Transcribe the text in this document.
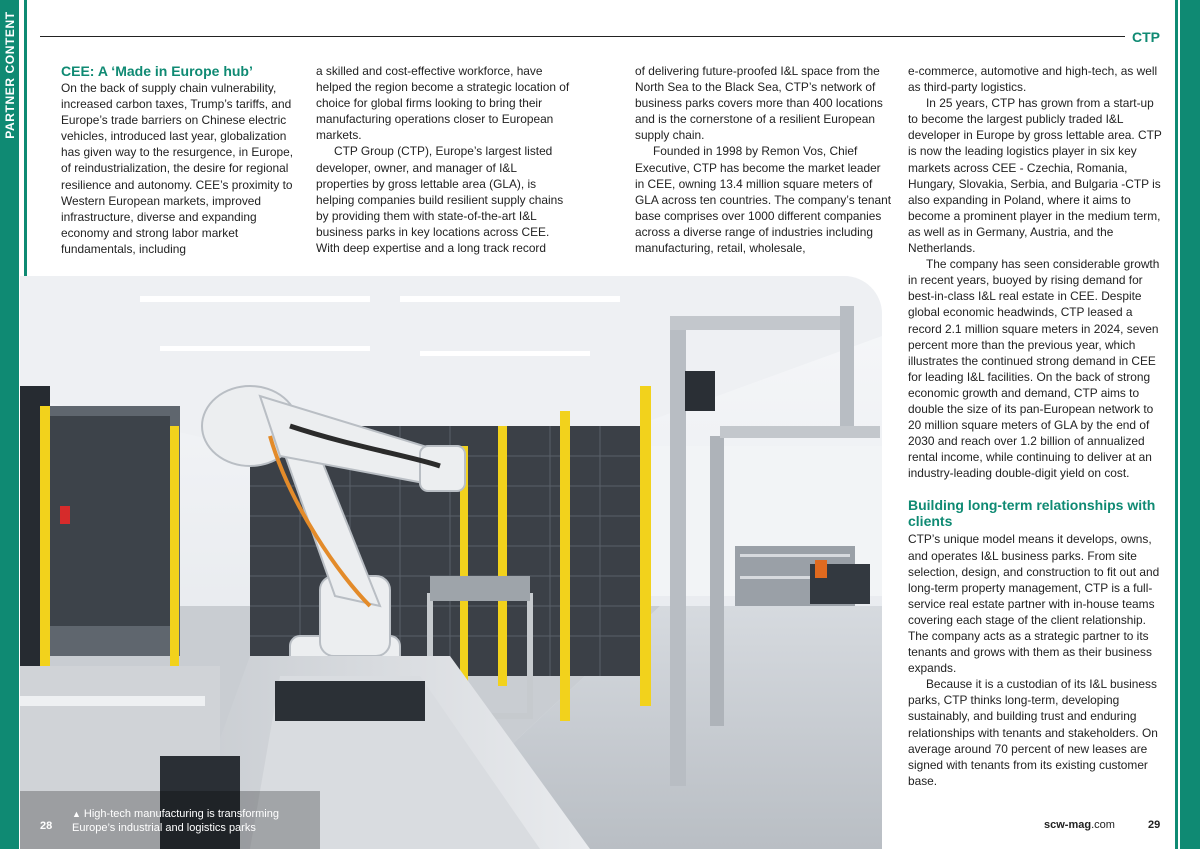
PARTNER CONTENT	CTP
CEE: A ‘Made in Europe hub’

On the back of supply chain vulnerability, increased carbon taxes, Trump’s tariffs, and Europe’s trade barriers on Chinese electric vehicles, introduced last year, globalization has given way to the resurgence, in Europe, of reindustrialization, the desire for regional resilience and autonomy. CEE’s proximity to Western European markets, improved infrastructure, diverse and expanding economy and strong labor market fundamentals, including

a skilled and cost-effective workforce, have helped the region become a strategic location of choice for global firms looking to bring their manufacturing operations closer to European markets.

CTP Group (CTP), Europe’s largest listed developer, owner, and manager of I&L properties by gross lettable area (GLA), is helping companies build resilient supply chains by providing them with state-of-the-art I&L business parks in key locations across CEE. With deep expertise and a long track record

of delivering future-proofed I&L space from the North Sea to the Black Sea, CTP’s network of business parks covers more than 400 locations and is the cornerstone of a resilient European supply chain.

Founded in 1998 by Remon Vos, Chief Executive, CTP has become the market leader in CEE, owning 13.4 million square meters of GLA across ten countries. The company’s tenant base comprises over 1000 different companies across a diverse range of industries including manufacturing, retail, wholesale,

e-commerce, automotive and high-tech, as well as third-party logistics.

In 25 years, CTP has grown from a start-up to become the largest publicly traded I&L developer in Europe by gross lettable area. CTP is now the leading logistics player in six key markets across CEE - Czechia, Romania, Hungary, Slovakia, Serbia, and Bulgaria -CTP is also expanding in Poland, where it aims to become a prominent player in the medium term, as well as in Germany, Austria, and the Netherlands.

The company has seen considerable growth in recent years, buoyed by rising demand for best-in-class I&L real estate in CEE. Despite global economic headwinds, CTP leased a record 2.1 million square meters in 2024, seven percent more than the previous year, which illustrates the continued strong demand in CEE for leading I&L facilities. On the back of strong economic growth and demand, CTP aims to double the size of its pan-European network to 20 million square meters of GLA by the end of 2030 and reach over 1.2 billion of annualized rental income, while continuing to deliver at an industry-leading double-digit yield on cost.

Building long-term relationships with clients

CTP’s unique model means it develops, owns, and operates I&L business parks. From site selection, design, and construction to fit out and long-term property management, CTP is a full-service real estate partner with in-house teams covering each stage of the client relationship. The company acts as a strategic partner to its tenants and grows with them as their business expands.

Because it is a custodian of its I&L business parks, CTP thinks long-term, developing sustainably, and building trust and enduring relationships with tenants and stakeholders. On average around 70 percent of new leases are signed with tenants from its existing customer base.

▲ High-tech manufacturing is transforming Europe’s industrial and logistics parks
28	scw-mag.com	29
